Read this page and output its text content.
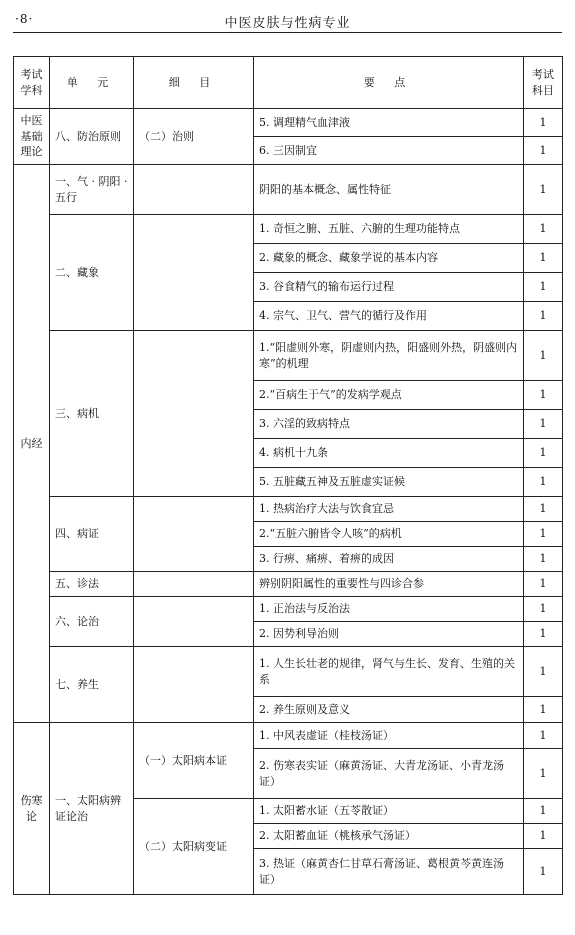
·8·	中医皮肤与性病专业
考试学科	单 元	细 目	要 点	考试科目
中医基础理论	八、防治原则	（二）治则	5. 调理精气血津液	1
			6. 三因制宜	1
内经	一、气 · 阴阳 · 五行		阴阳的基本概念、属性特征	1
	二、藏象		1. 奇恒之腑、五脏、六腑的生理功能特点	1
			2. 藏象的概念、藏象学说的基本内容	1
			3. 谷食精气的输布运行过程	1
			4. 宗气、卫气、营气的循行及作用	1
	三、病机		1.“阳虚则外寒，阴虚则内热，阳盛则外热，阴盛则内寒”的机理	1
			2.“百病生于气”的发病学观点	1
			3. 六淫的致病特点	1
			4. 病机十九条	1
			5. 五脏藏五神及五脏虚实证候	1
	四、病证		1. 热病治疗大法与饮食宜忌	1
			2.“五脏六腑皆令人咳”的病机	1
			3. 行痹、痛痹、着痹的成因	1
	五、诊法		辨别阴阳属性的重要性与四诊合参	1
	六、论治		1. 正治法与反治法	1
			2. 因势利导治则	1
	七、养生		1. 人生长壮老的规律，肾气与生长、发育、生殖的关系	1
			2. 养生原则及意义	1
伤寒论	一、太阳病辨证论治	（一）太阳病本证	1. 中风表虚证（桂枝汤证）	1
			2. 伤寒表实证（麻黄汤证、大青龙汤证、小青龙汤证）	1
		（二）太阳病变证	1. 太阳蓄水证（五苓散证）	1
			2. 太阳蓄血证（桃核承气汤证）	1
			3. 热证（麻黄杏仁甘草石膏汤证、葛根黄芩黄连汤证）	1
